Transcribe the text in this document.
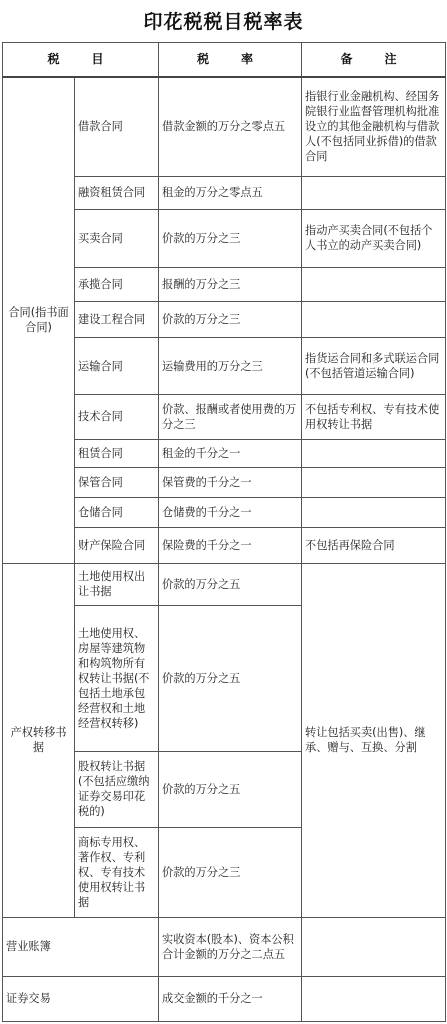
印花税税目税率表
税　目		税　率	备　注
合同(指书面合同)	借款合同	借款金额的万分之零点五	指银行业金融机构、经国务院银行业监督管理机构批准设立的其他金融机构与借款人(不包括同业拆借)的借款合同
	融资租赁合同	租金的万分之零点五	
	买卖合同	价款的万分之三	指动产买卖合同(不包括个人书立的动产买卖合同)
	承揽合同	报酬的万分之三	
	建设工程合同	价款的万分之三	
	运输合同	运输费用的万分之三	指货运合同和多式联运合同(不包括管道运输合同)
	技术合同	价款、报酬或者使用费的万分之三	不包括专利权、专有技术使用权转让书据
	租赁合同	租金的千分之一	
	保管合同	保管费的千分之一	
	仓储合同	仓储费的千分之一	
	财产保险合同	保险费的千分之一	不包括再保险合同
产权转移书据	土地使用权出让书据	价款的万分之五	转让包括买卖(出售)、继承、赠与、互换、分割
	土地使用权、房屋等建筑物和构筑物所有权转让书据(不包括土地承包经营权和土地经营权转移)	价款的万分之五	
	股权转让书据(不包括应缴纳证券交易印花税的)	价款的万分之五	
	商标专用权、著作权、专利权、专有技术使用权转让书据	价款的万分之三	
营业账簿		实收资本(股本)、资本公积合计金额的万分之二点五	
证券交易		成交金额的千分之一	
